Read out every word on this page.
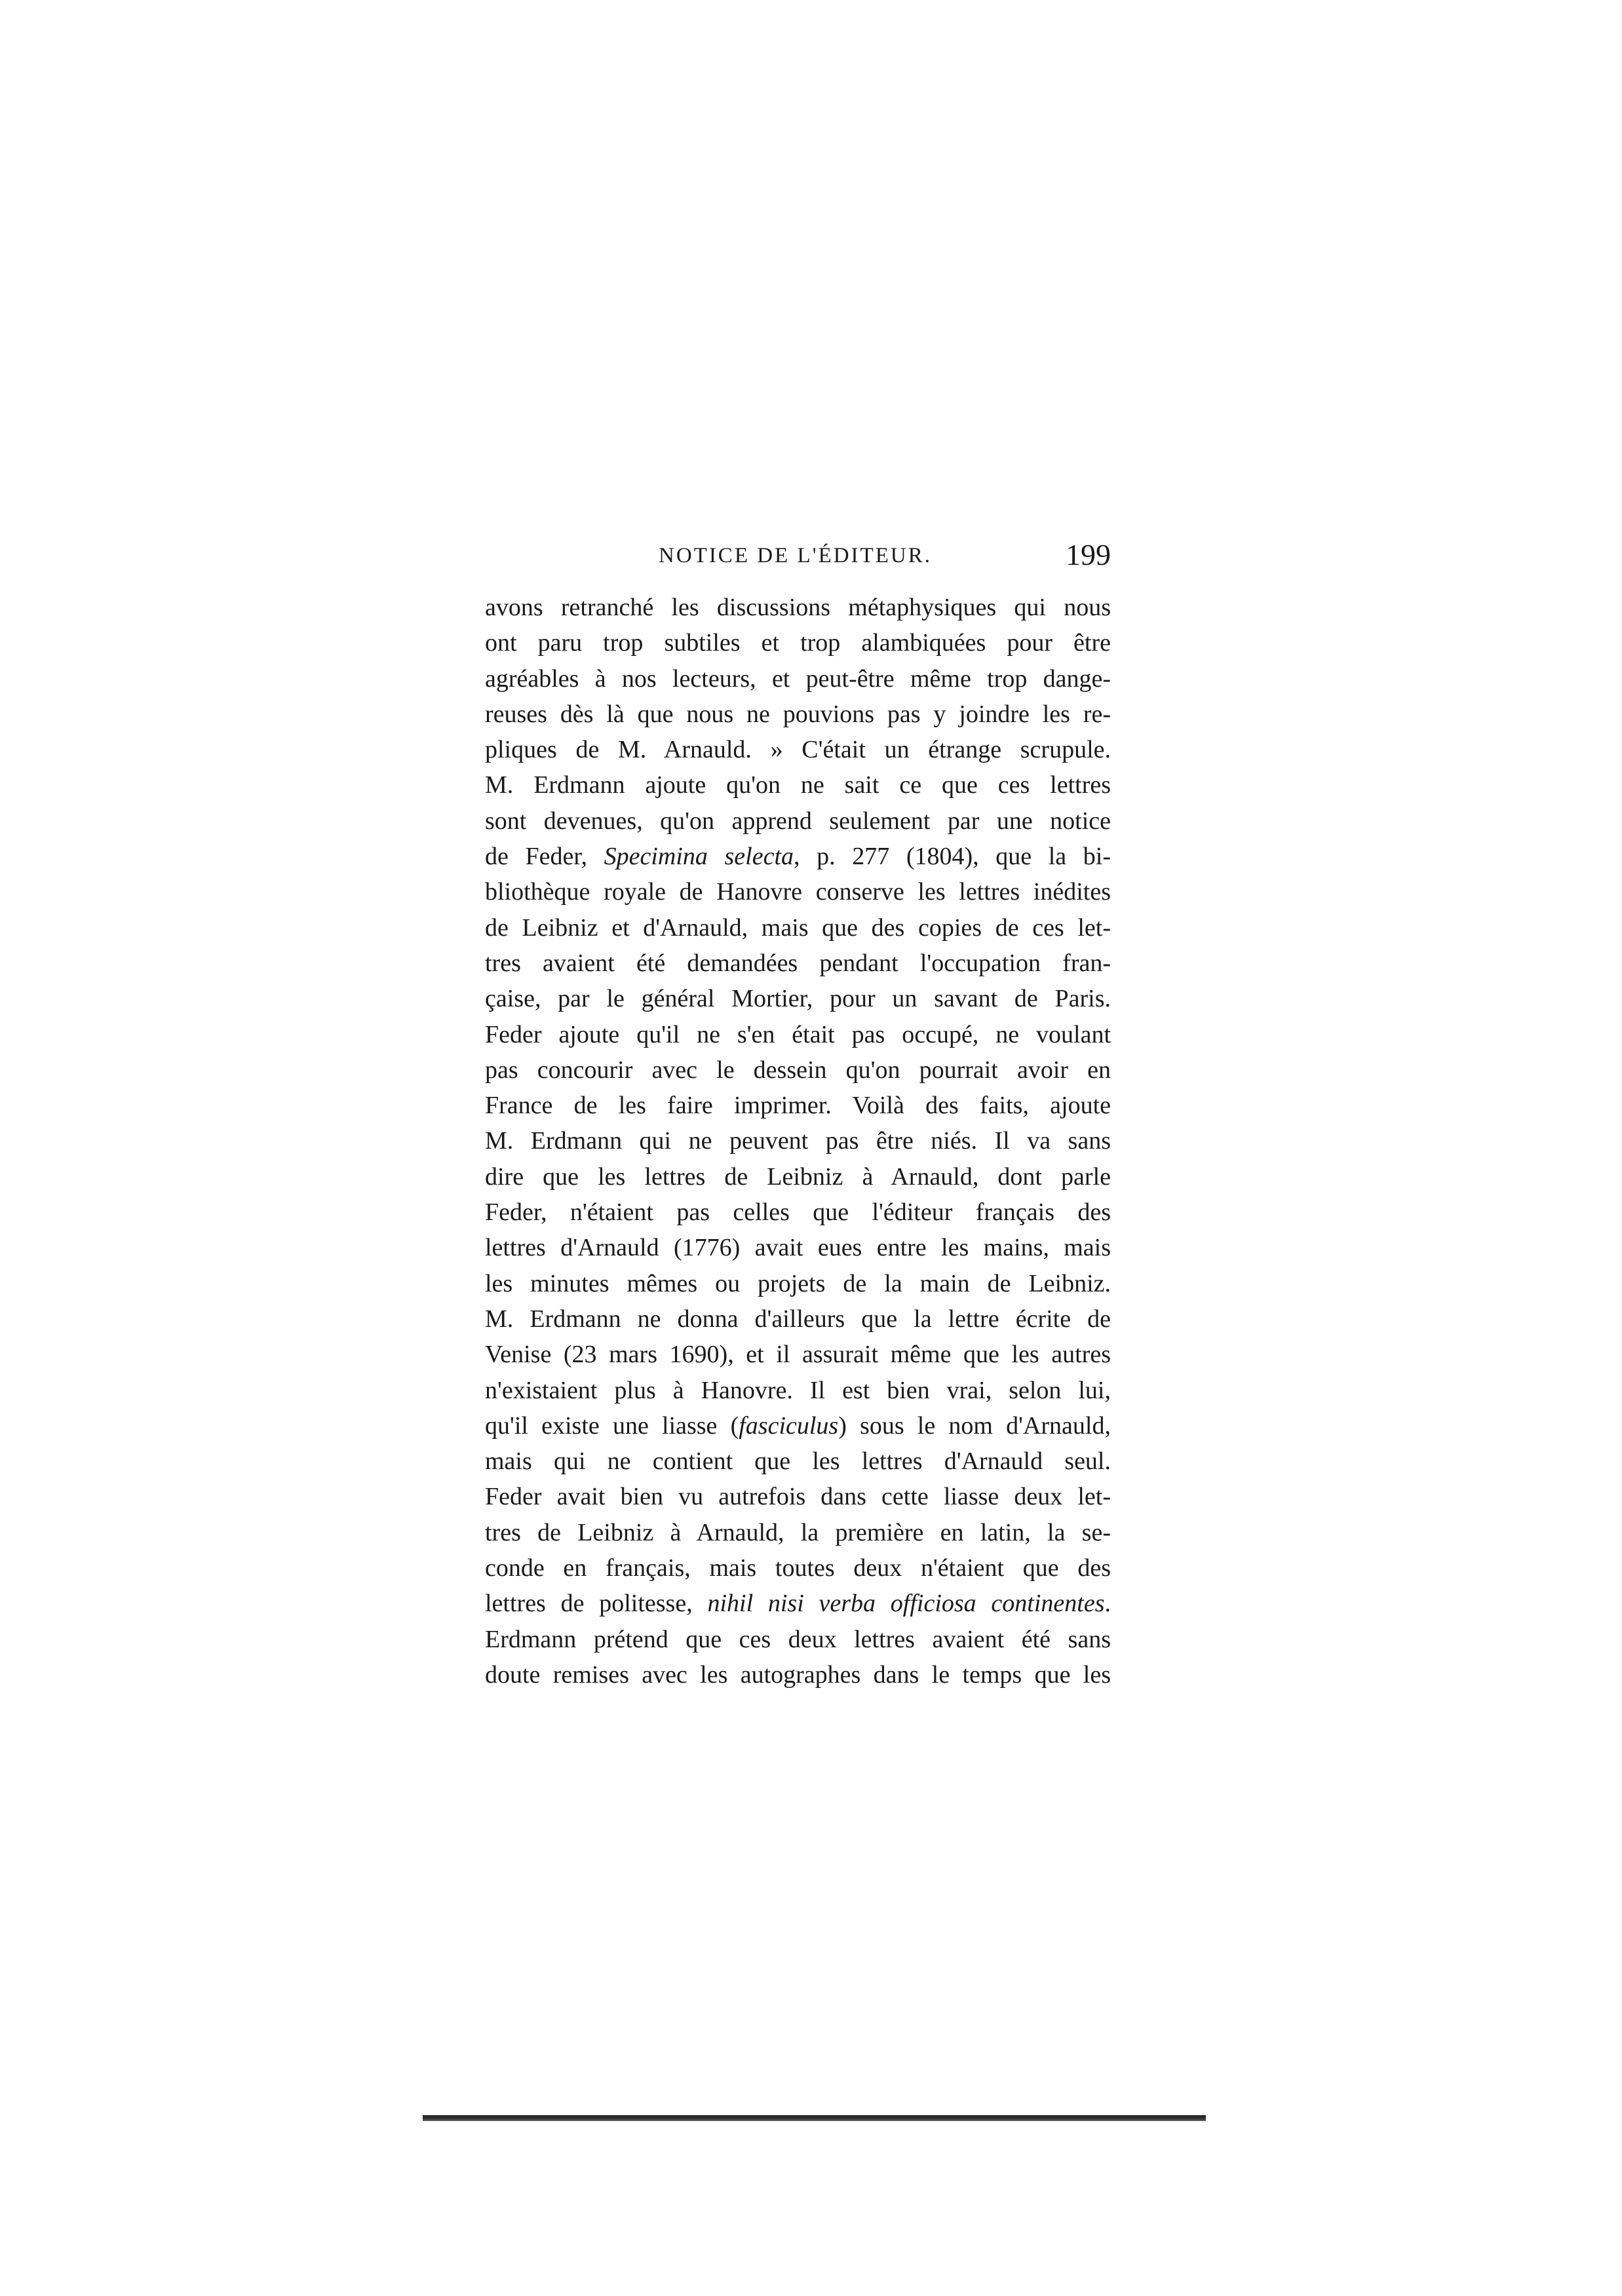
NOTICE DE L'ÉDITEUR.	199
avons retranché les discussions métaphysiques qui nous
ont paru trop subtiles et trop alambiquées pour être
agréables à nos lecteurs, et peut-être même trop dange-
reuses dès là que nous ne pouvions pas y joindre les re-
pliques de M. Arnauld. » C'était un étrange scrupule.
M. Erdmann ajoute qu'on ne sait ce que ces lettres
sont devenues, qu'on apprend seulement par une notice
de Feder, Specimina selecta, p. 277 (1804), que la bi-
bliothèque royale de Hanovre conserve les lettres inédites
de Leibniz et d'Arnauld, mais que des copies de ces let-
tres avaient été demandées pendant l'occupation fran-
çaise, par le général Mortier, pour un savant de Paris.
Feder ajoute qu'il ne s'en était pas occupé, ne voulant
pas concourir avec le dessein qu'on pourrait avoir en
France de les faire imprimer. Voilà des faits, ajoute
M. Erdmann qui ne peuvent pas être niés. Il va sans
dire que les lettres de Leibniz à Arnauld, dont parle
Feder, n'étaient pas celles que l'éditeur français des
lettres d'Arnauld (1776) avait eues entre les mains, mais
les minutes mêmes ou projets de la main de Leibniz.
M. Erdmann ne donna d'ailleurs que la lettre écrite de
Venise (23 mars 1690), et il assurait même que les autres
n'existaient plus à Hanovre. Il est bien vrai, selon lui,
qu'il existe une liasse (fasciculus) sous le nom d'Arnauld,
mais qui ne contient que les lettres d'Arnauld seul.
Feder avait bien vu autrefois dans cette liasse deux let-
tres de Leibniz à Arnauld, la première en latin, la se-
conde en français, mais toutes deux n'étaient que des
lettres de politesse, nihil nisi verba officiosa continentes.
Erdmann prétend que ces deux lettres avaient été sans
doute remises avec les autographes dans le temps que les
